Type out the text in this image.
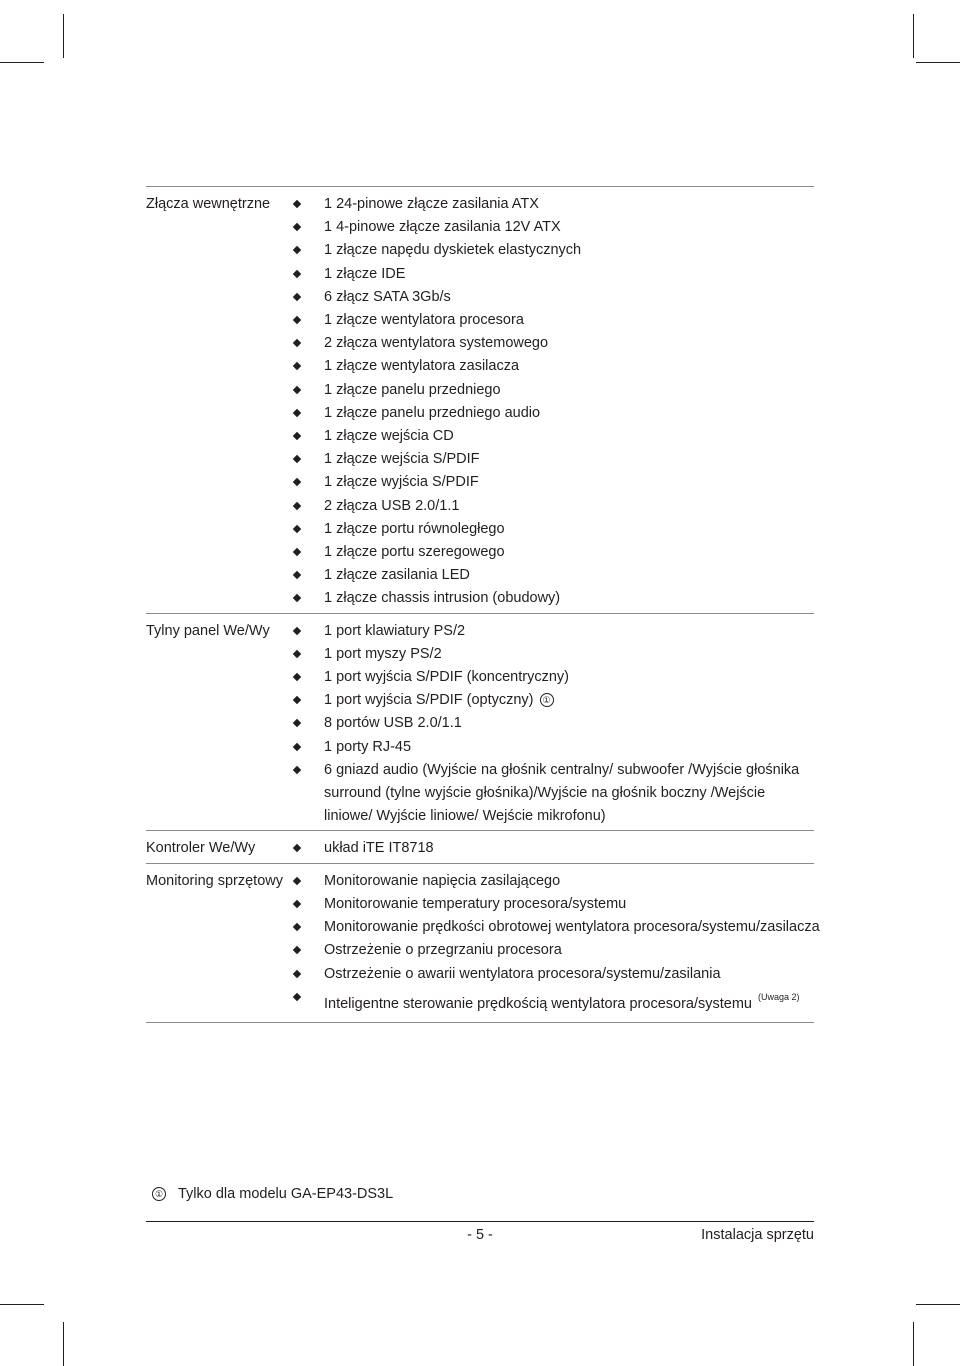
Złącza wewnętrzne	1 24-pinowe złącze zasilania ATX
1 4-pinowe złącze zasilania 12V ATX
1 złącze napędu dyskietek elastycznych
1 złącze IDE
6 złącz SATA 3Gb/s
1 złącze wentylatora procesora
2 złącza wentylatora systemowego
1 złącze wentylatora zasilacza
1 złącze panelu przedniego
1 złącze panelu przedniego audio
1 złącze wejścia CD
1 złącze wejścia S/PDIF
1 złącze wyjścia S/PDIF
2 złącza USB 2.0/1.1
1 złącze portu równoległego
1 złącze portu szeregowego
1 złącze zasilania LED
1 złącze chassis intrusion (obudowy)
Tylny panel We/Wy	1 port klawiatury PS/2
1 port myszy PS/2
1 port wyjścia S/PDIF (koncentryczny)
1 port wyjścia S/PDIF (optyczny) ①
8 portów USB 2.0/1.1
1 porty RJ-45
6 gniazd audio (Wyjście na głośnik centralny/ subwoofer /Wyjście głośnika surround (tylne wyjście głośnika)/Wyjście na głośnik boczny /Wejście liniowe/ Wyjście liniowe/ Wejście mikrofonu)
Kontroler We/Wy	układ iTE IT8718
Monitoring sprzętowy	Monitorowanie napięcia zasilającego
Monitorowanie temperatury procesora/systemu
Monitorowanie prędkości obrotowej wentylatora procesora/systemu/zasilacza
Ostrzeżenie o przegrzaniu procesora
Ostrzeżenie o awarii wentylatora procesora/systemu/zasilania
Inteligentne sterowanie prędkością wentylatora procesora/systemu $^{(Uwaga 2)}$
① Tylko dla modelu GA-EP43-DS3L
- 5 -	Instalacja sprzętu
